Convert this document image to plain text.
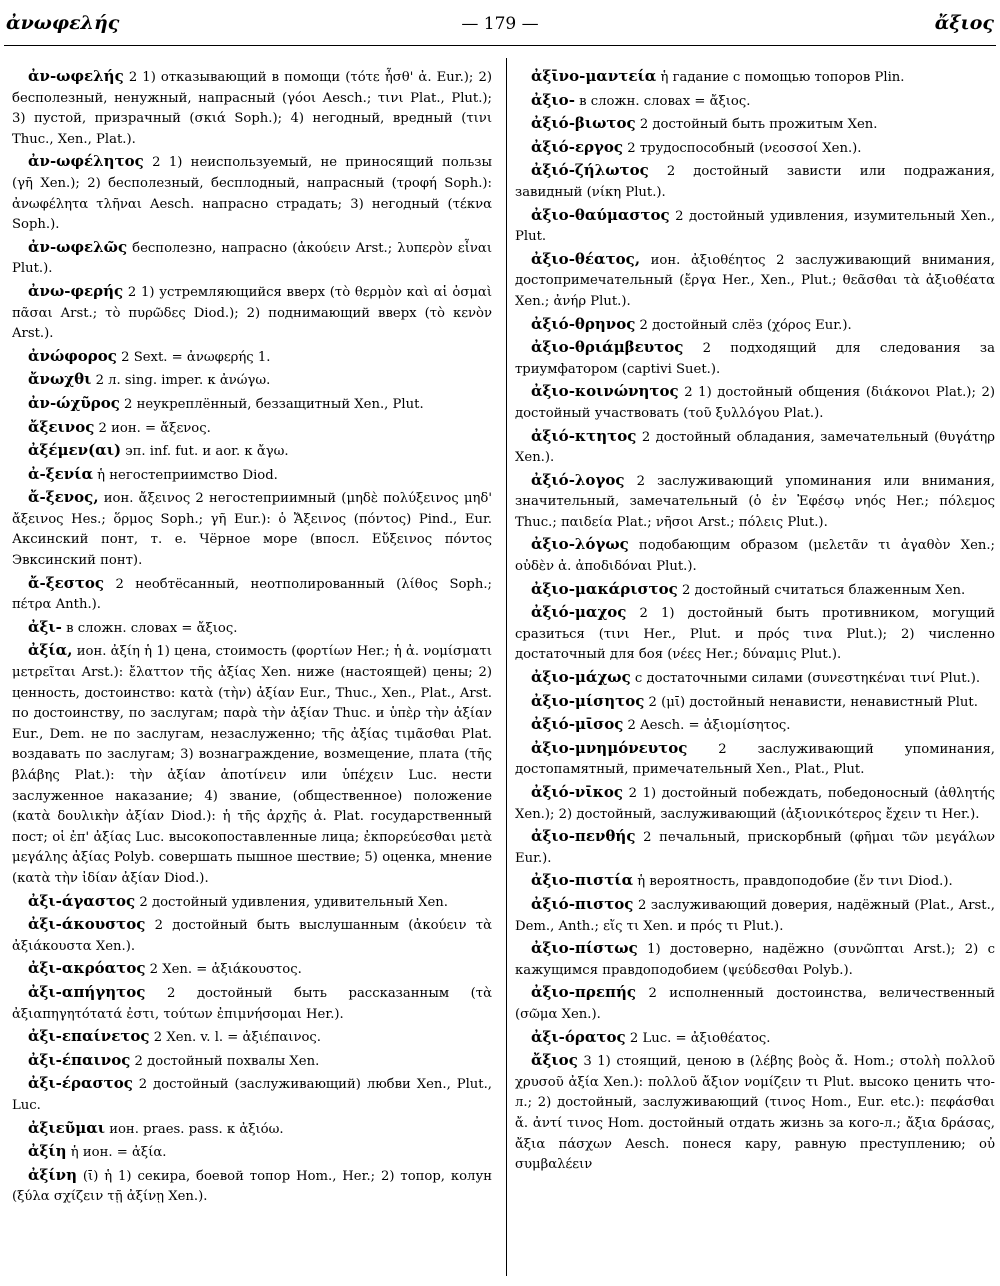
ἀνωφελής	— 179 —	ἄξιος

ἀν-ωφελής 2 1) отказывающий в помощи (τότε ἦσθ' ἀ. Eur.); 2) бесполезный, ненужный, напрасный (γόοι Aesch.; τινι Plat., Plut.); 3) пустой, призрачный (σκιά Soph.); 4) негодный, вредный (τινι Thuc., Xen., Plat.).

ἀν-ωφέλητος 2 1) неиспользуемый, не приносящий пользы (γῆ Xen.); 2) бесполезный, бесплодный, напрасный (τροφή Soph.): ἀνωφέλητα τλῆναι Aesch. напрасно страдать; 3) негодный (τέκνα Soph.).

ἀν-ωφελῶς бесполезно, напрасно (ἀκούειν Arst.; λυπερὸν εἶναι Plut.).

ἀνω-φερής 2 1) устремляющийся вверх (τὸ θερμὸν καὶ αἱ ὀσμαὶ πᾶσαι Arst.; τὸ πυρῶδες Diod.); 2) поднимающий вверх (τὸ κενὸν Arst.).

ἀνώφορος 2 Sext. = ἀνωφερής 1.

ἄνωχθι 2 л. sing. imper. к ἀνώγω.

ἀν-ώχῦρος 2 неукреплённый, беззащитный Xen., Plut.

ἄξεινος 2 ион. = ἄξενος.

ἀξέμεν(αι) эп. inf. fut. и aor. к ἄγω.

ἀ-ξενία ἡ негостеприимство Diod.

ἄ-ξενος, ион. ἄξεινος 2 негостеприимный (μηδὲ πολύξεινος μηδ' ἄξεινος Hes.; ὅρμος Soph.; γῆ Eur.): ὁ Ἄξεινος (πόντος) Pind., Eur. Аксинский понт, т. е. Чёрное море (впосл. Εὔξεινος πόντος Эвксинский понт).

ἄ-ξεστος 2 необтёсанный, неотполированный (λίθος Soph.; πέτρα Anth.).

ἀξι- в сложн. словах = ἄξιος.

ἀξία, ион. ἀξίη ἡ 1) цена, стоимость (φορτίων Her.; ἡ ἀ. νομίσματι μετρεῖται Arst.): ἔλαττον τῆς ἀξίας Xen. ниже (настоящей) цены; 2) ценность, достоинство: κατὰ (τὴν) ἀξίαν Eur., Thuc., Xen., Plat., Arst. по достоинству, по заслугам; παρὰ τὴν ἀξίαν Thuc. и ὑπὲρ τὴν ἀξίαν Eur., Dem. не по заслугам, незаслуженно; τῆς ἀξίας τιμᾶσθαι Plat. воздавать по заслугам; 3) вознаграждение, возмещение, плата (τῆς βλάβης Plat.): τὴν ἀξίαν ἀποτίνειν или ὑπέχειν Luc. нести заслуженное наказание; 4) звание, (общественное) положение (κατὰ δουλικὴν ἀξίαν Diod.): ἡ τῆς ἀρχῆς ἀ. Plat. государственный пост; οἱ ἐπ' ἀξίας Luc. высокопоставленные лица; ἐκπορεύεσθαι μετὰ μεγάλης ἀξίας Polyb. совершать пышное шествие; 5) оценка, мнение (κατὰ τὴν ἰδίαν ἀξίαν Diod.).

ἀξι-άγαστος 2 достойный удивления, удивительный Xen.

ἀξι-άκουστος 2 достойный быть выслушанным (ἀκούειν τὰ ἀξιάκουστα Xen.).

ἀξι-ακρόατος 2 Xen. = ἀξιάκουστος.

ἀξι-απήγητος 2 достойный быть рассказанным (τὰ ἀξιαπηγητότατά ἐστι, τούτων ἐπιμνήσομαι Her.).

ἀξι-επαίνετος 2 Xen. v. l. = ἀξιέπαινος.

ἀξι-έπαινος 2 достойный похвалы Xen.

ἀξι-έραστος 2 достойный (заслуживающий) любви Xen., Plut., Luc.

ἀξιεῦμαι ион. praes. pass. к ἀξιόω.

ἀξίη ἡ ион. = ἀξία.

ἀξίνη (ῑ) ἡ 1) секира, боевой топор Hom., Her.; 2) топор, колун (ξύλα σχίζειν τῇ ἀξίνῃ Xen.).

ἀξῑνο-μαντεία ἡ гадание с помощью топоров Plin.

ἀξιο- в сложн. словах = ἄξιος.

ἀξιό-βιωτος 2 достойный быть прожитым Xen.

ἀξιό-εργος 2 трудоспособный (νεοσσοί Xen.).

ἀξιό-ζήλωτος 2 достойный зависти или подражания, завидный (νίκη Plut.).

ἀξιο-θαύμαστος 2 достойный удивления, изумительный Xen., Plut.

ἀξιο-θέατος, ион. ἀξιοθέητος 2 заслуживающий внимания, достопримечательный (ἔργα Her., Xen., Plut.; θεᾶσθαι τὰ ἀξιοθέατα Xen.; ἀνήρ Plut.).

ἀξιό-θρηνος 2 достойный слёз (χόρος Eur.).

ἀξιο-θριάμβευτος 2 подходящий для следования за триумфатором (captivi Suet.).

ἀξιο-κοινώνητος 2 1) достойный общения (διάκονοι Plat.); 2) достойный участвовать (τοῦ ξυλλόγου Plat.).

ἀξιό-κτητος 2 достойный обладания, замечательный (θυγάτηρ Xen.).

ἀξιό-λογος 2 заслуживающий упоминания или внимания, значительный, замечательный (ὁ ἐν Ἐφέσῳ νηός Her.; πόλεμος Thuc.; παιδεία Plat.; νῆσοι Arst.; πόλεις Plut.).

ἀξιο-λόγως подобающим образом (μελετᾶν τι ἀγαθὸν Xen.; οὐδὲν ἀ. ἀποδιδόναι Plut.).

ἀξιο-μακάριστος 2 достойный считаться блаженным Xen.

ἀξιό-μαχος 2 1) достойный быть противником, могущий сразиться (τινι Her., Plut. и πρός τινα Plut.); 2) численно достаточный для боя (νέες Her.; δύναμις Plut.).

ἀξιο-μάχως с достаточными силами (συνεστηκέναι τινί Plut.).

ἀξιο-μίσητος 2 (μῑ) достойный ненависти, ненавистный Plut.

ἀξιό-μῑσος 2 Aesch. = ἀξιομίσητος.

ἀξιο-μνημόνευτος 2 заслуживающий упоминания, достопамятный, примечательный Xen., Plat., Plut.

ἀξιό-νῑκος 2 1) достойный побеждать, победоносный (ἀθλητής Xen.); 2) достойный, заслуживающий (ἀξιονικότερος ἔχειν τι Her.).

ἀξιο-πενθής 2 печальный, прискорбный (φῆμαι τῶν μεγάλων Eur.).

ἀξιο-πιστία ἡ вероятность, правдоподобие (ἔν τινι Diod.).

ἀξιό-πιστος 2 заслуживающий доверия, надёжный (Plat., Arst., Dem., Anth.; εἴς τι Xen. и πρός τι Plut.).

ἀξιο-πίστως 1) достоверно, надёжно (συνῶπται Arst.); 2) с кажущимся правдоподобием (ψεύδεσθαι Polyb.).

ἀξιο-πρεπής 2 исполненный достоинства, величественный (σῶμα Xen.).

ἀξι-όρατος 2 Luc. = ἀξιοθέατος.

ἄξιος 3 1) стоящий, ценою в (λέβης βοὸς ἄ. Hom.; στολὴ πολλοῦ χρυσοῦ ἀξία Xen.): πολλοῦ ἄξιον νομίζειν τι Plut. высоко ценить что-л.; 2) достойный, заслуживающий (τινος Hom., Eur. etc.): πεφάσθαι ἄ. ἀντί τινος Hom. достойный отдать жизнь за кого-л.; ἄξια δράσας, ἄξια πάσχων Aesch. понеся кару, равную преступлению; οὐ συμβαλέειν
